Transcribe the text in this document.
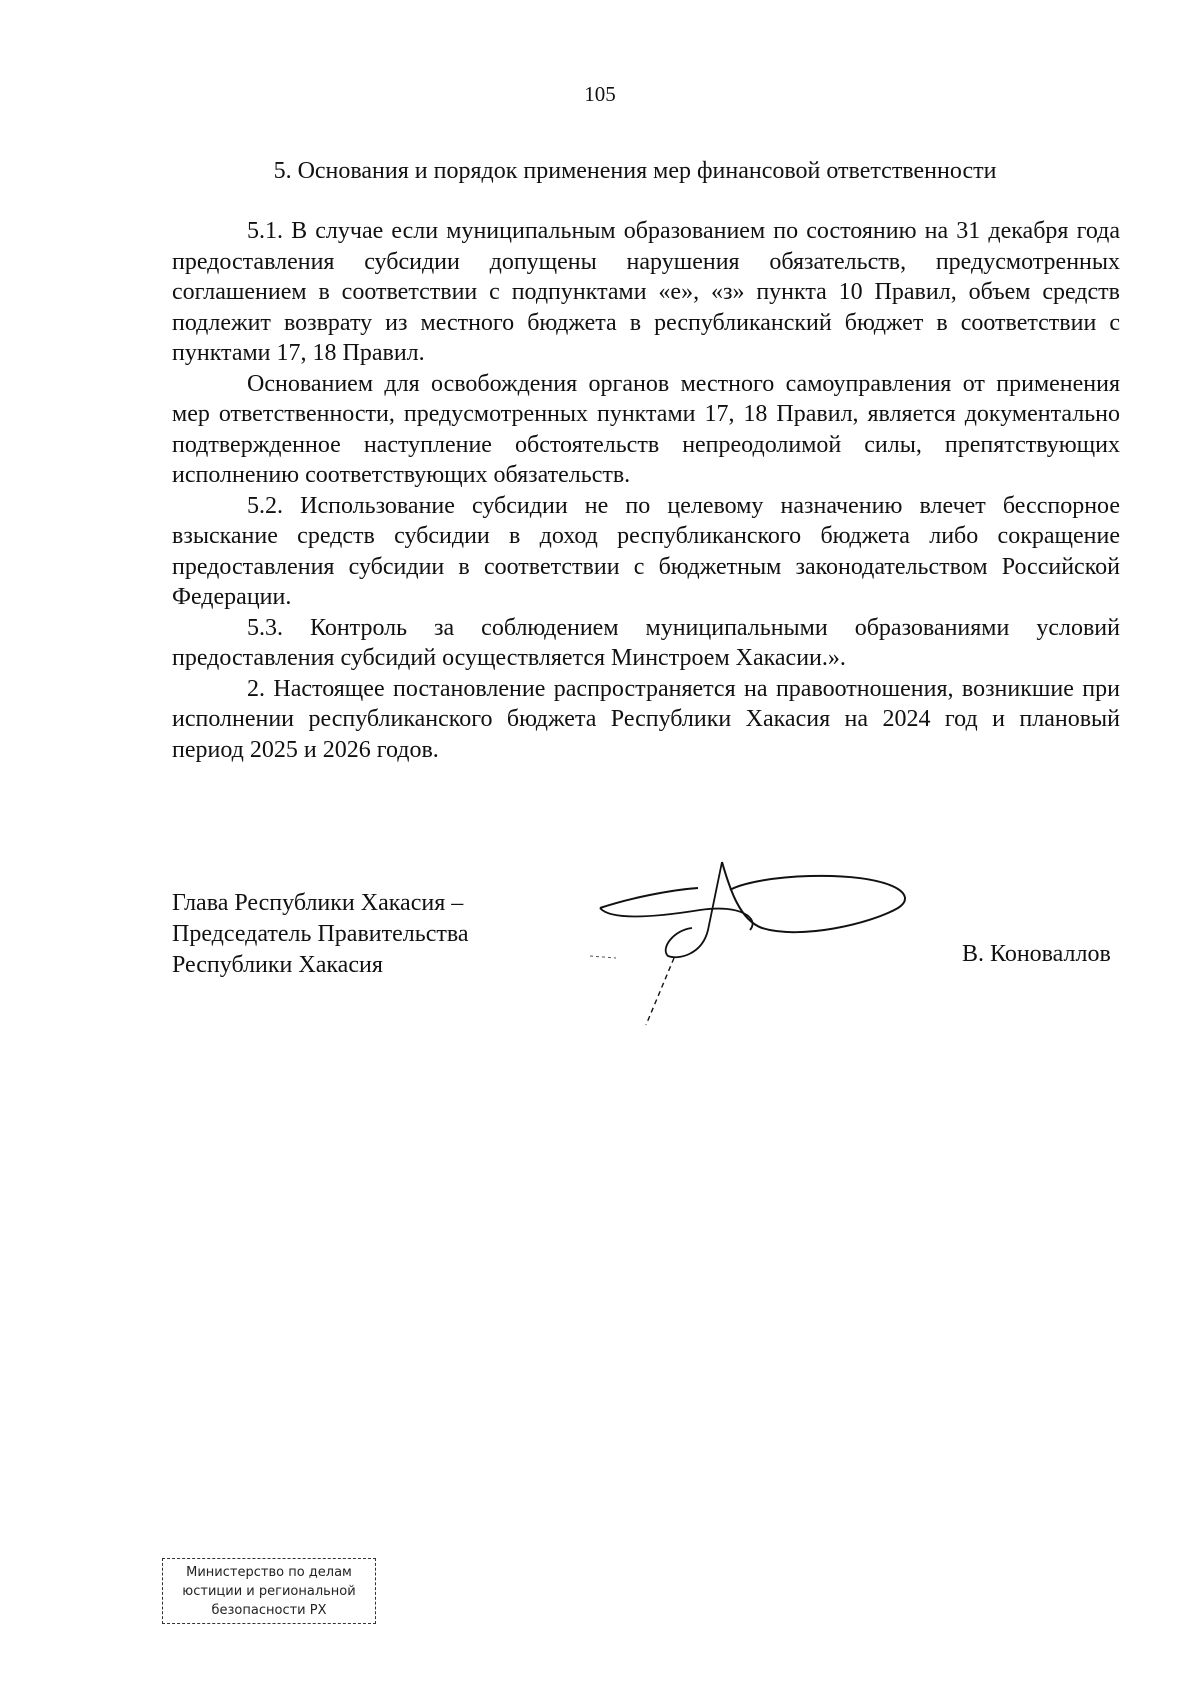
105
5. Основания и порядок применения мер финансовой ответственности

5.1. В случае если муниципальным образованием по состоянию на 31 декабря года предоставления субсидии допущены нарушения обязательств, предусмотренных соглашением в соответствии с подпунктами «е», «з» пункта 10 Правил, объем средств подлежит возврату из местного бюджета в республиканский бюджет в соответствии с пунктами 17, 18 Правил.

Основанием для освобождения органов местного самоуправления от применения мер ответственности, предусмотренных пунктами 17, 18 Правил, является документально подтвержденное наступление обстоятельств непреодолимой силы, препятствующих исполнению соответствующих обязательств.

5.2. Использование субсидии не по целевому назначению влечет бесспорное взыскание средств субсидии в доход республиканского бюджета либо сокращение предоставления субсидии в соответствии с бюджетным законодательством Российской Федерации.

5.3. Контроль за соблюдением муниципальными образованиями условий предоставления субсидий осуществляется Минстроем Хакасии.».

2. Настоящее постановление распространяется на правоотношения, возникшие при исполнении республиканского бюджета Республики Хакасия на 2024 год и плановый период 2025 и 2026 годов.

Глава Республики Хакасия –
Председатель Правительства
Республики Хакасия	В. Коноваллов
Министерство по делам
юстиции и региональной
безопасности РХ
